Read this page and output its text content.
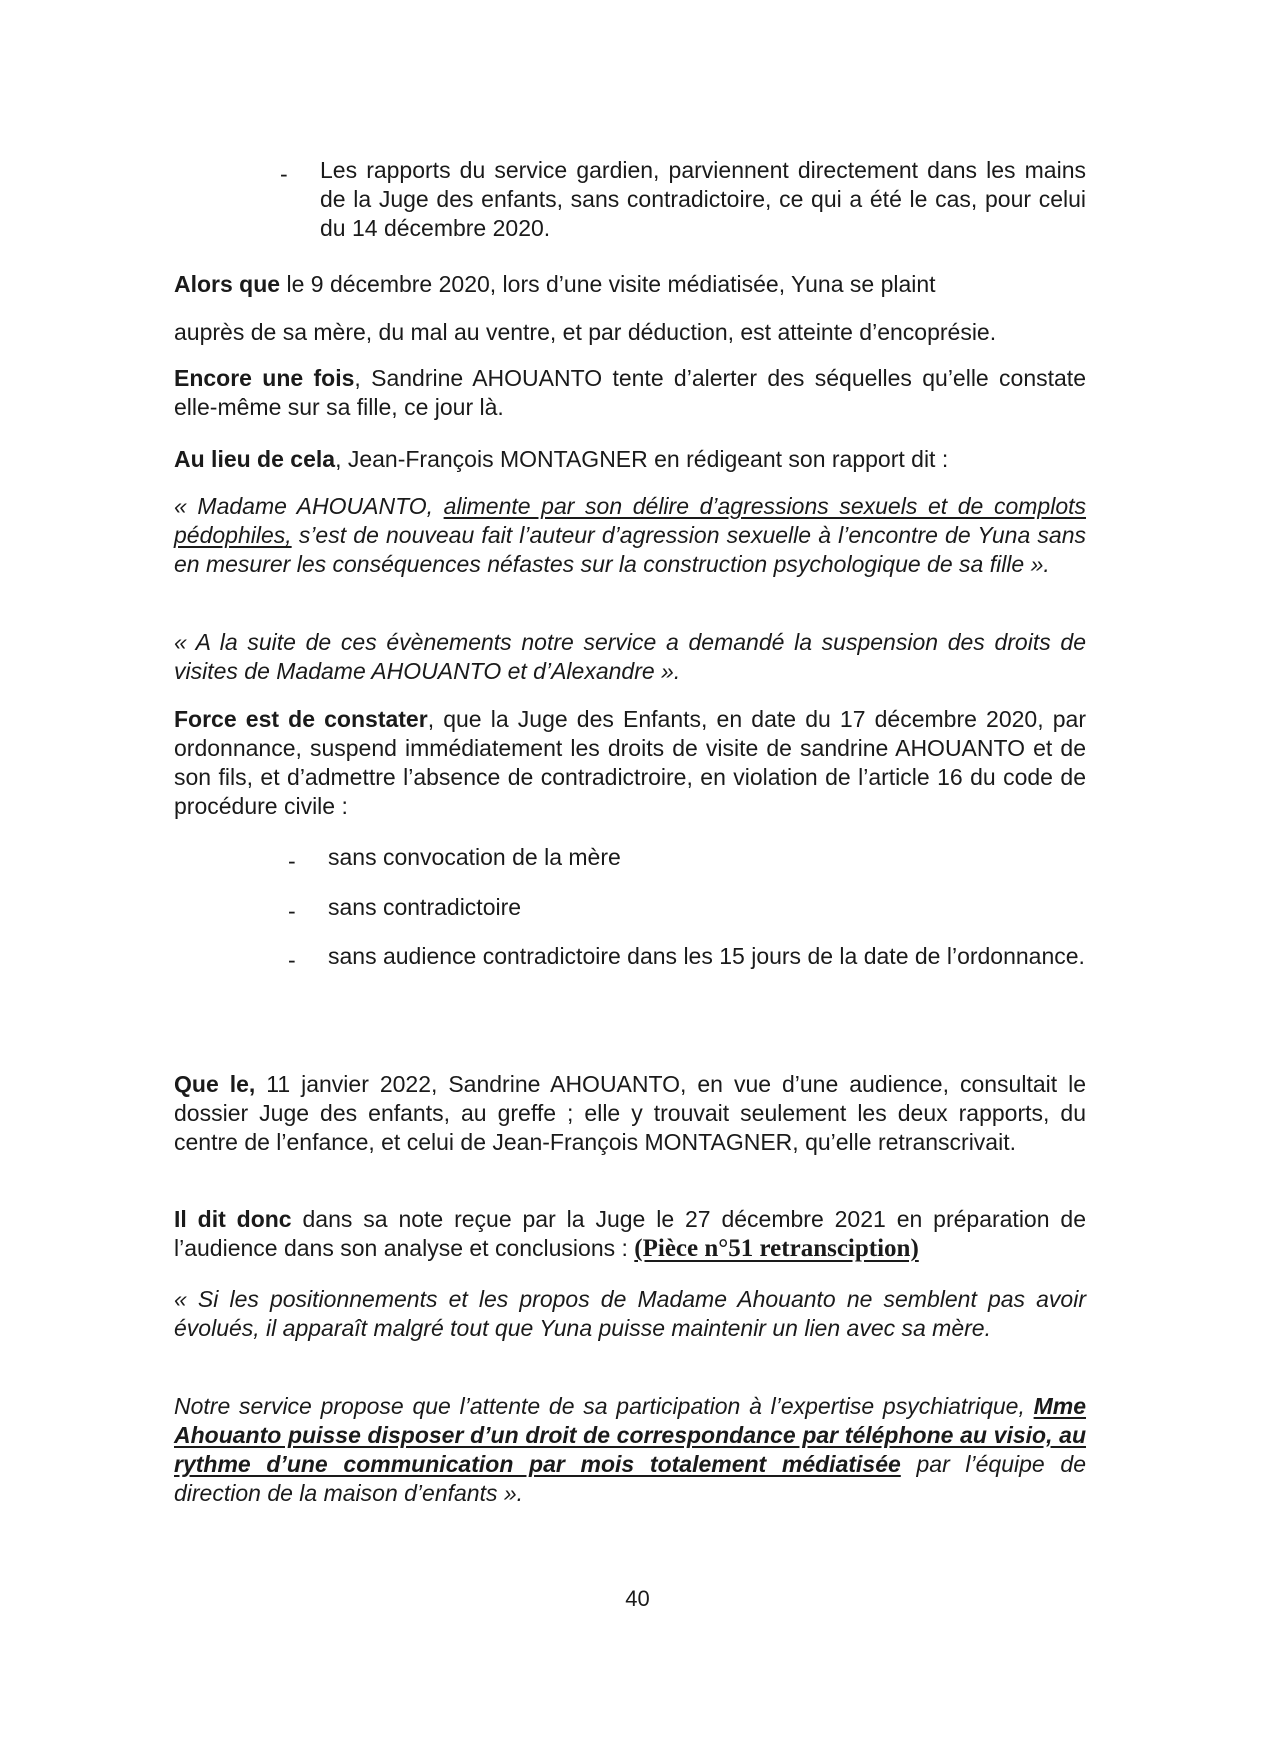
- Les rapports du service gardien, parviennent directement dans les mains de la Juge des enfants, sans contradictoire, ce qui a été le cas, pour celui du 14 décembre 2020.

Alors que le 9 décembre 2020, lors d’une visite médiatisée, Yuna se plaint

auprès de sa mère, du mal au ventre, et par déduction, est atteinte d’encoprésie.

Encore une fois, Sandrine AHOUANTO tente d’alerter des séquelles qu’elle constate elle-même sur sa fille, ce jour là.

Au lieu de cela, Jean-François MONTAGNER en rédigeant son rapport dit :

« Madame AHOUANTO, alimente par son délire d’agressions sexuels et de complots pédophiles, s’est de nouveau fait l’auteur d’agression sexuelle à l’encontre de Yuna sans en mesurer les conséquences néfastes sur la construction psychologique de sa fille ».

« A la suite de ces évènements notre service a demandé la suspension des droits de visites de Madame AHOUANTO et d’Alexandre ».

Force est de constater, que la Juge des Enfants, en date du 17 décembre 2020, par ordonnance, suspend immédiatement les droits de visite de sandrine AHOUANTO et de son fils, et d’admettre l’absence de contradictroire, en violation de l’article 16 du code de procédure civile :

- sans convocation de la mère
- sans contradictoire
- sans audience contradictoire dans les 15 jours de la date de l’ordonnance.

Que le, 11 janvier 2022, Sandrine AHOUANTO, en vue d’une audience, consultait le dossier Juge des enfants, au greffe ; elle y trouvait seulement les deux rapports, du centre de l’enfance, et celui de Jean-François MONTAGNER, qu’elle retranscrivait.

Il dit donc dans sa note reçue par la Juge le 27 décembre 2021 en préparation de l’audience dans son analyse et conclusions : (Pièce n°51 retransciption)

« Si les positionnements et les propos de Madame Ahouanto ne semblent pas avoir évolués, il apparaît malgré tout que Yuna puisse maintenir un lien avec sa mère.

Notre service propose que l’attente de sa participation à l’expertise psychiatrique, Mme Ahouanto puisse disposer d’un droit de correspondance par téléphone au visio, au rythme d’une communication par mois totalement médiatisée par l’équipe de direction de la maison d’enfants ».

40
